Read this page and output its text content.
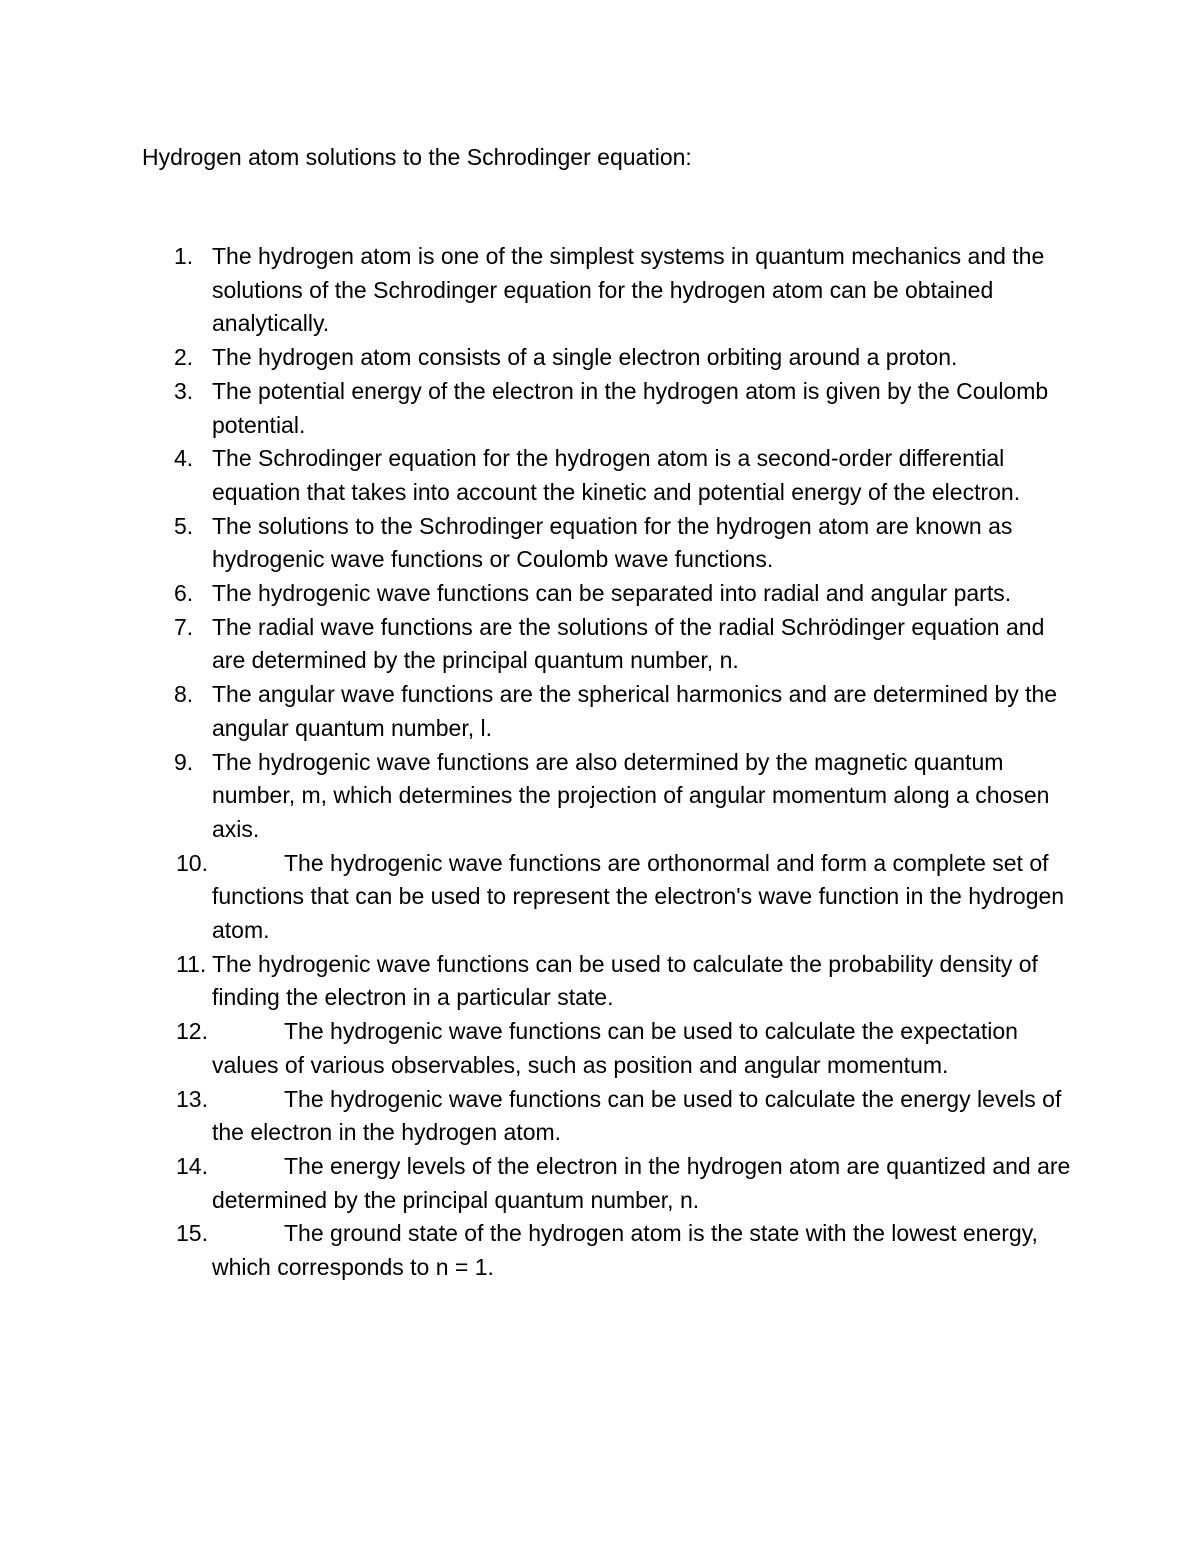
Hydrogen atom solutions to the Schrodinger equation:
1. The hydrogen atom is one of the simplest systems in quantum mechanics and the solutions of the Schrodinger equation for the hydrogen atom can be obtained analytically.
2. The hydrogen atom consists of a single electron orbiting around a proton.
3. The potential energy of the electron in the hydrogen atom is given by the Coulomb potential.
4. The Schrodinger equation for the hydrogen atom is a second-order differential equation that takes into account the kinetic and potential energy of the electron.
5. The solutions to the Schrodinger equation for the hydrogen atom are known as hydrogenic wave functions or Coulomb wave functions.
6. The hydrogenic wave functions can be separated into radial and angular parts.
7. The radial wave functions are the solutions of the radial Schrödinger equation and are determined by the principal quantum number, n.
8. The angular wave functions are the spherical harmonics and are determined by the angular quantum number, l.
9. The hydrogenic wave functions are also determined by the magnetic quantum number, m, which determines the projection of angular momentum along a chosen axis.
10.	The hydrogenic wave functions are orthonormal and form a complete set of functions that can be used to represent the electron's wave function in the hydrogen atom.
11. The hydrogenic wave functions can be used to calculate the probability density of finding the electron in a particular state.
12.	The hydrogenic wave functions can be used to calculate the expectation values of various observables, such as position and angular momentum.
13.	The hydrogenic wave functions can be used to calculate the energy levels of the electron in the hydrogen atom.
14.	The energy levels of the electron in the hydrogen atom are quantized and are determined by the principal quantum number, n.
15.	The ground state of the hydrogen atom is the state with the lowest energy, which corresponds to n = 1.
